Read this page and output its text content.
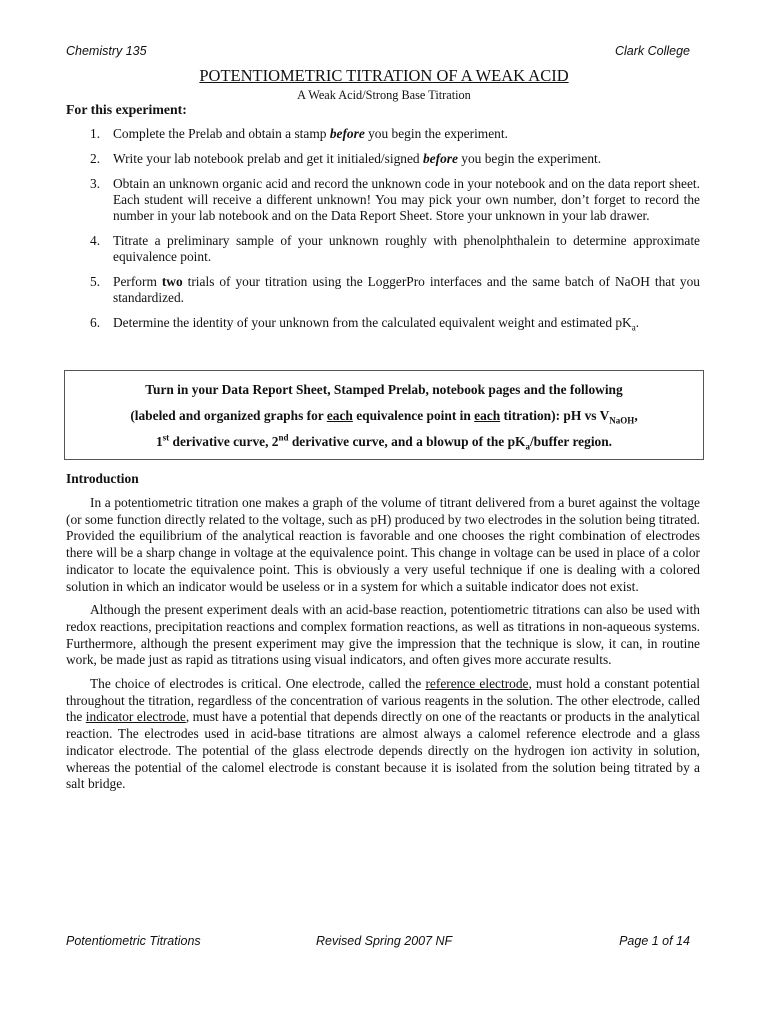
Chemistry 135	Clark College
POTENTIOMETRIC TITRATION OF A WEAK ACID
A Weak Acid/Strong Base Titration
For this experiment:
1. Complete the Prelab and obtain a stamp before you begin the experiment.
2. Write your lab notebook prelab and get it initialed/signed before you begin the experiment.
3. Obtain an unknown organic acid and record the unknown code in your notebook and on the data report sheet. Each student will receive a different unknown! You may pick your own number, don’t forget to record the number in your lab notebook and on the Data Report Sheet. Store your unknown in your lab drawer.
4. Titrate a preliminary sample of your unknown roughly with phenolphthalein to determine approximate equivalence point.
5. Perform two trials of your titration using the LoggerPro interfaces and the same batch of NaOH that you standardized.
6. Determine the identity of your unknown from the calculated equivalent weight and estimated $pK_a$.
Turn in your Data Report Sheet, Stamped Prelab, notebook pages and the following
(labeled and organized graphs for each equivalence point in each titration): pH vs $V_{NaOH}$,
1st derivative curve, 2nd derivative curve, and a blowup of the $pK_a$/buffer region.
Introduction

In a potentiometric titration one makes a graph of the volume of titrant delivered from a buret against the voltage (or some function directly related to the voltage, such as pH) produced by two electrodes in the solution being titrated. Provided the equilibrium of the analytical reaction is favorable and one chooses the right combination of electrodes there will be a sharp change in voltage at the equivalence point. This change in voltage can be used in place of a color indicator to locate the equivalence point. This is obviously a very useful technique if one is dealing with a colored solution in which an indicator would be useless or in a system for which a suitable indicator does not exist.

Although the present experiment deals with an acid-base reaction, potentiometric titrations can also be used with redox reactions, precipitation reactions and complex formation reactions, as well as titrations in non-aqueous systems. Furthermore, although the present experiment may give the impression that the technique is slow, it can, in routine work, be made just as rapid as titrations using visual indicators, and often gives more accurate results.

The choice of electrodes is critical. One electrode, called the reference electrode, must hold a constant potential throughout the titration, regardless of the concentration of various reagents in the solution. The other electrode, called the indicator electrode, must have a potential that depends directly on one of the reactants or products in the analytical reaction. The electrodes used in acid-base titrations are almost always a calomel reference electrode and a glass indicator electrode. The potential of the glass electrode depends directly on the hydrogen ion activity in solution, whereas the potential of the calomel electrode is constant because it is isolated from the solution being titrated by a salt bridge.

Potentiometric Titrations	Revised Spring 2007 NF	Page 1 of 14
